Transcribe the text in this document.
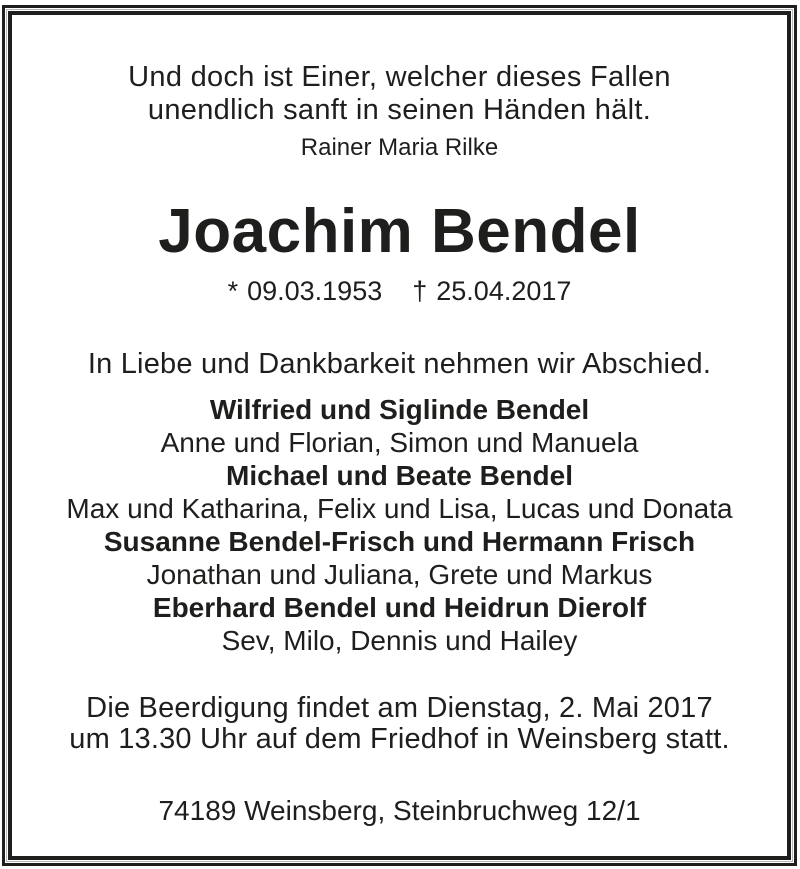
Und doch ist Einer, welcher dieses Fallen
unendlich sanft in seinen Händen hält.
Rainer Maria Rilke
Joachim Bendel
* 09.03.1953 † 25.04.2017
In Liebe und Dankbarkeit nehmen wir Abschied.
Wilfried und Siglinde Bendel
Anne und Florian, Simon und Manuela
Michael und Beate Bendel
Max und Katharina, Felix und Lisa, Lucas und Donata
Susanne Bendel-Frisch und Hermann Frisch
Jonathan und Juliana, Grete und Markus
Eberhard Bendel und Heidrun Dierolf
Sev, Milo, Dennis und Hailey
Die Beerdigung findet am Dienstag, 2. Mai 2017
um 13.30 Uhr auf dem Friedhof in Weinsberg statt.
74189 Weinsberg, Steinbruchweg 12/1
